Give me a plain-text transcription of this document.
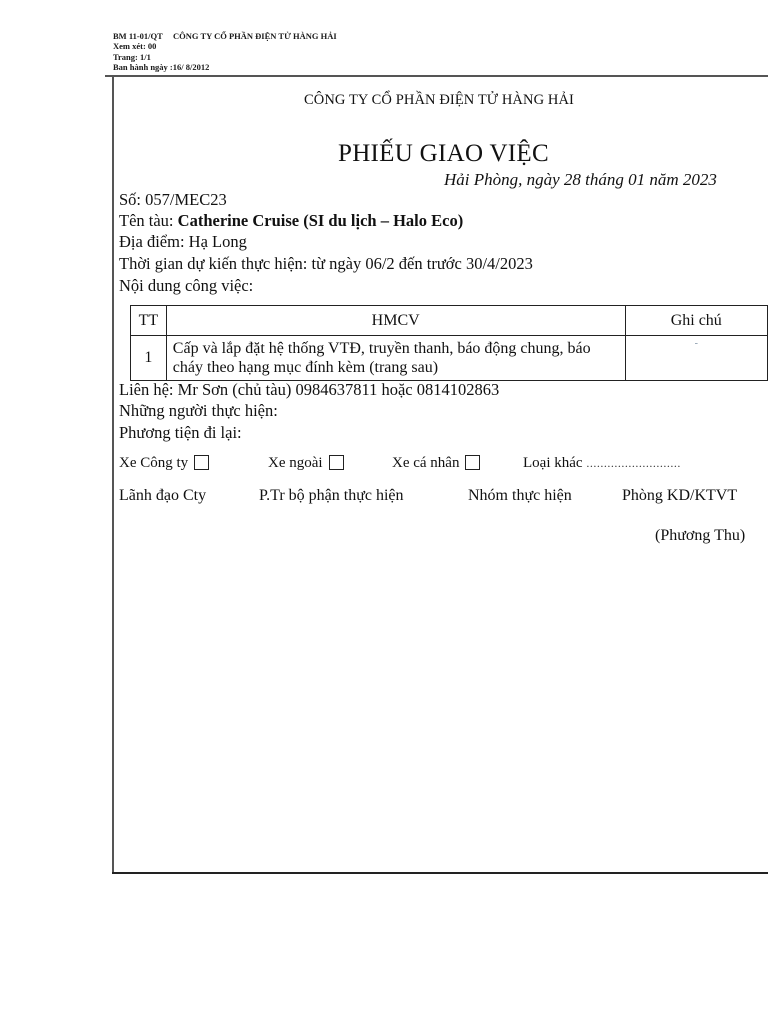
BM 11-01/QT CÔNG TY CỔ PHẦN ĐIỆN TỬ HÀNG HẢI
Xem xét: 00
Trang: 1/1
Ban hành ngày :16/ 8/2012
CÔNG TY CỔ PHẦN ĐIỆN TỬ HÀNG HẢI
PHIẾU GIAO VIỆC
Hải Phòng, ngày 28 tháng 01 năm 2023
Số: 057/MEC23
Tên tàu: Catherine Cruise (SI du lịch – Halo Eco)
Địa điểm: Hạ Long
Thời gian dự kiến thực hiện: từ ngày 06/2 đến trước 30/4/2023
Nội dung công việc:
TT	HMCV	Ghi chú
1	Cấp và lắp đặt hệ thống VTĐ, truyền thanh, báo động chung, báo cháy theo hạng mục đính kèm (trang sau)	-
Liên hệ: Mr Sơn (chủ tàu) 0984637811 hoặc 0814102863
Những người thực hiện:
Phương tiện đi lại:
Xe Công ty	Xe ngoài	Xe cá nhân	Loại khác ...........................
Lãnh đạo Cty	P.Tr bộ phận thực hiện	Nhóm thực hiện	Phòng KD/KTVT
(Phương Thu)
